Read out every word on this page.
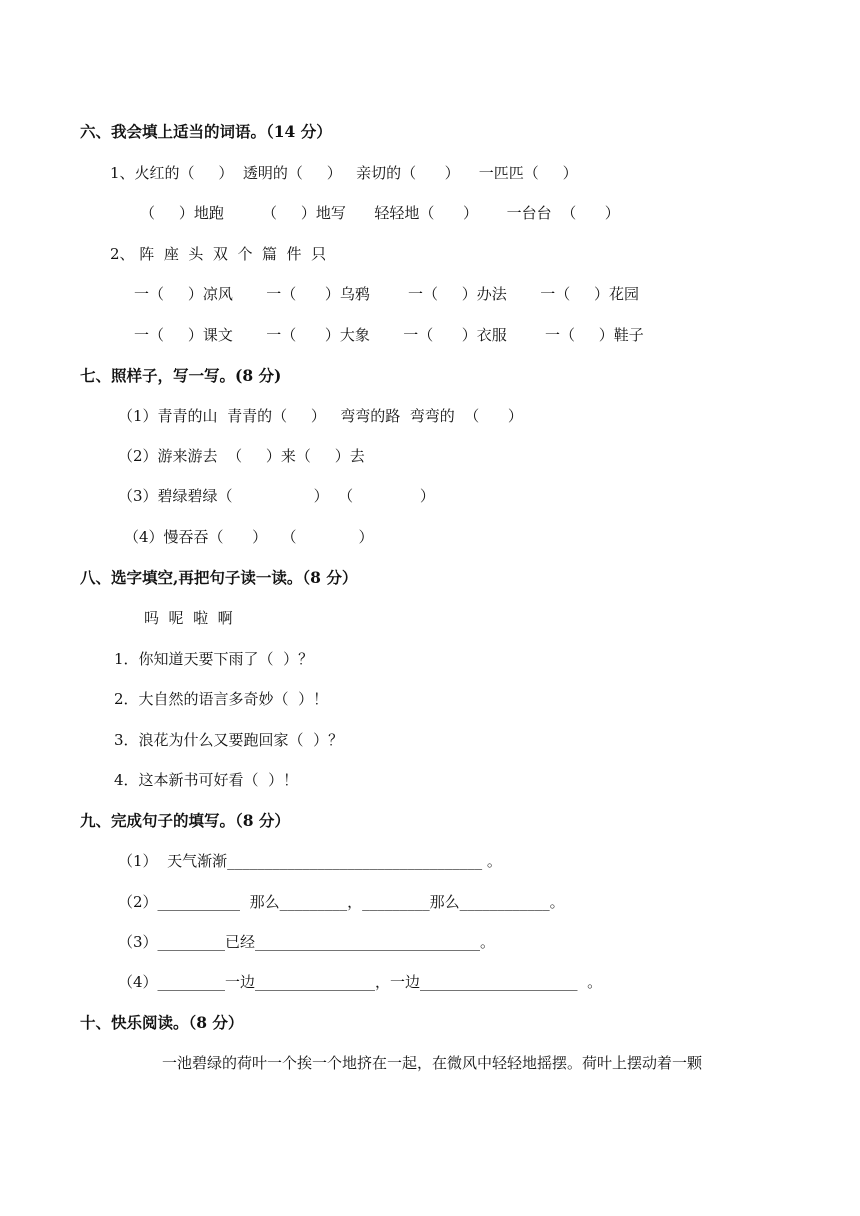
六、我会填上适当的词语。（14 分）
1、火红的（     ）  透明的（     ）   亲切的（      ）    一匹匹（     ）
（     ）地跑        （     ）地写      轻轻地（      ）      一台台  （      ）
2、 阵  座  头  双  个  篇  件  只
一（     ）凉风       一（      ）乌鸦        一（     ）办法       一（     ）花园
一（     ）课文       一（      ）大象       一（      ）衣服        一（     ）鞋子
七、照样子，写一写。(8 分)
（1）青青的山  青青的（     ）   弯弯的路  弯弯的  （      ）
（2）游来游去  （     ）来（     ）去
（3）碧绿碧绿（                 ）  （              ）
（4）慢吞吞（      ）   （             ）
八、选字填空,再把句子读一读。（8 分）
吗  呢  啦  啊
1．你知道天要下雨了（  ）？
2．大自然的语言多奇妙（  ）！
3．浪花为什么又要跑回家（  ）？
4．这本新书可好看（  ）！
九、完成句子的填写。（8 分）
（1）  天气渐渐__________________________________ 。
（2）___________  那么_________，_________那么____________。
（3）_________已经______________________________。
（4）_________一边________________，一边_____________________  。
十、快乐阅读。（8 分）
一池碧绿的荷叶一个挨一个地挤在一起，在微风中轻轻地摇摆。荷叶上摆动着一颗
